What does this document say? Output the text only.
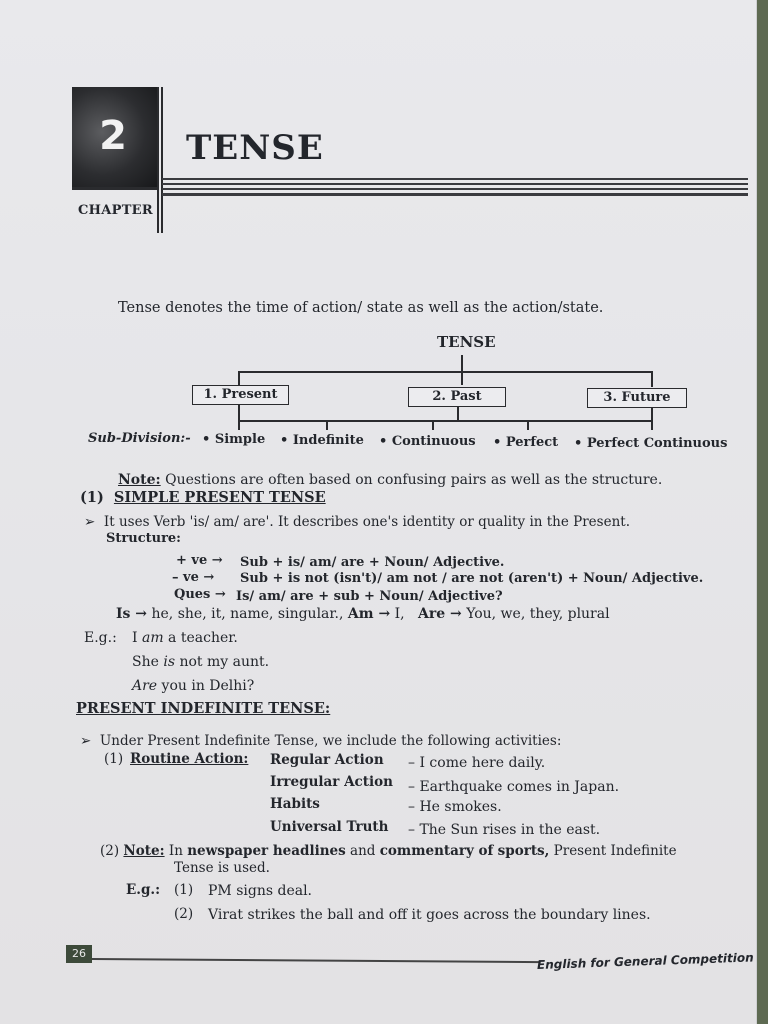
2
CHAPTER
TENSE
Tense denotes the time of action/ state as well as the action/state.
TENSE
1. Present	2. Past	3. Future
Sub-Division:- • Simple • Indefinite • Continuous • Perfect • Perfect Continuous
Note: Questions are often based on confusing pairs as well as the structure.
(1) SIMPLE PRESENT TENSE
➢ It uses Verb 'is/ am/ are'. It describes one's identity or quality in the Present.
Structure:
+ ve → Sub + is/ am/ are + Noun/ Adjective.
– ve → Sub + is not (isn't)/ am not / are not (aren't) + Noun/ Adjective.
Ques → Is/ am/ are + sub + Noun/ Adjective?
Is → he, she, it, name, singular., Am → I, Are → You, we, they, plural
E.g.: I am a teacher.
She is not my aunt.
Are you in Delhi?
PRESENT INDEFINITE TENSE:
➢ Under Present Indefinite Tense, we include the following activities:
(1) Routine Action: Regular Action – I come here daily.
Irregular Action – Earthquake comes in Japan.
Habits	– He smokes.
Universal Truth – The Sun rises in the east.
(2) Note: In newspaper headlines and commentary of sports, Present Indefinite
Tense is used.
E.g.: (1) PM signs deal.
(2) Virat strikes the ball and off it goes across the boundary lines.
26	English for General Competition
